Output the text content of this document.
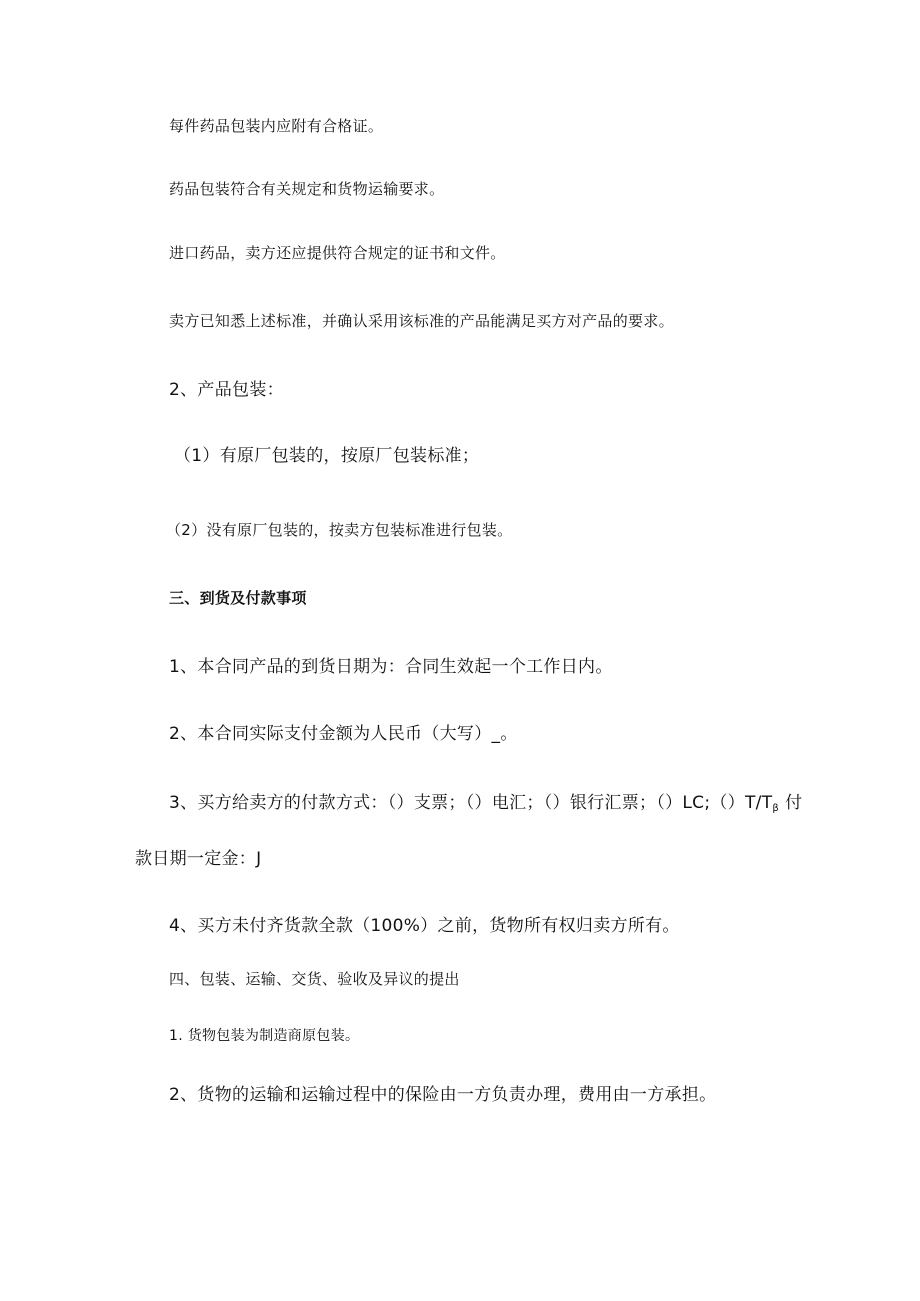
每件药品包装内应附有合格证。
药品包装符合有关规定和货物运输要求。
进口药品，卖方还应提供符合规定的证书和文件。
卖方已知悉上述标准，并确认采用该标准的产品能满足买方对产品的要求。
2、产品包装：
（1）有原厂包装的，按原厂包装标准；
（2）没有原厂包装的，按卖方包装标准进行包装。
三、到货及付款事项
1、本合同产品的到货日期为：合同生效起一个工作日内。
2、本合同实际支付金额为人民币（大写）_。
3、买方给卖方的付款方式：（）支票；（）电汇；（）银行汇票；$()LC;()T/T_\beta$ 付
款日期一定金：J
4、买方未付齐货款全款（100%）之前，货物所有权归卖方所有。
四、包装、运输、交货、验收及异议的提出
1. 货物包装为制造商原包装。
2、货物的运输和运输过程中的保险由一方负责办理，费用由一方承担。
